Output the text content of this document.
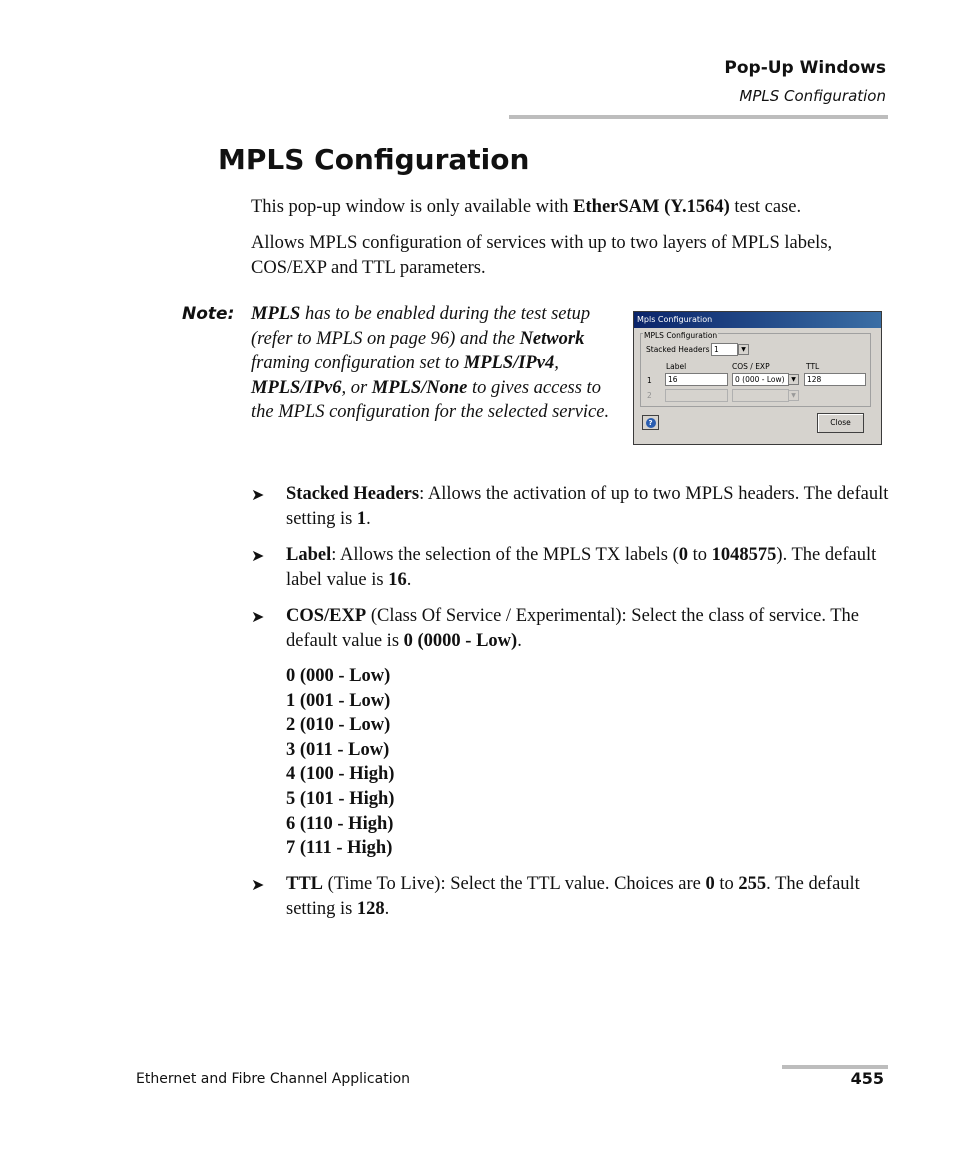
Pop-Up Windows
MPLS Configuration
MPLS Configuration

This pop-up window is only available with EtherSAM (Y.1564) test case.

Allows MPLS configuration of services with up to two layers of MPLS labels, COS/EXP and TTL parameters.

Note: MPLS has to be enabled during the test setup (refer to MPLS on page 96) and the Network framing configuration set to MPLS/IPv4, MPLS/IPv6, or MPLS/None to gives access to the MPLS configuration for the selected service.

Mpls Configuration
MPLS Configuration
Stacked Headers 1	▼
Label	COS / EXP	TTL
1	16	0 (000 - Low)	▼	128
2	▼
?	Close
➤ Stacked Headers: Allows the activation of up to two MPLS headers. The default setting is 1.

➤ Label: Allows the selection of the MPLS TX labels (0 to 1048575). The default label value is 16.

➤ COS/EXP (Class Of Service / Experimental): Select the class of service. The default value is 0 (0000 - Low).

0 (000 - Low)
1 (001 - Low)
2 (010 - Low)
3 (011 - Low)
4 (100 - High)
5 (101 - High)
6 (110 - High)
7 (111 - High)
➤ TTL (Time To Live): Select the TTL value. Choices are 0 to 255. The default setting is 128.

Ethernet and Fibre Channel Application	455
